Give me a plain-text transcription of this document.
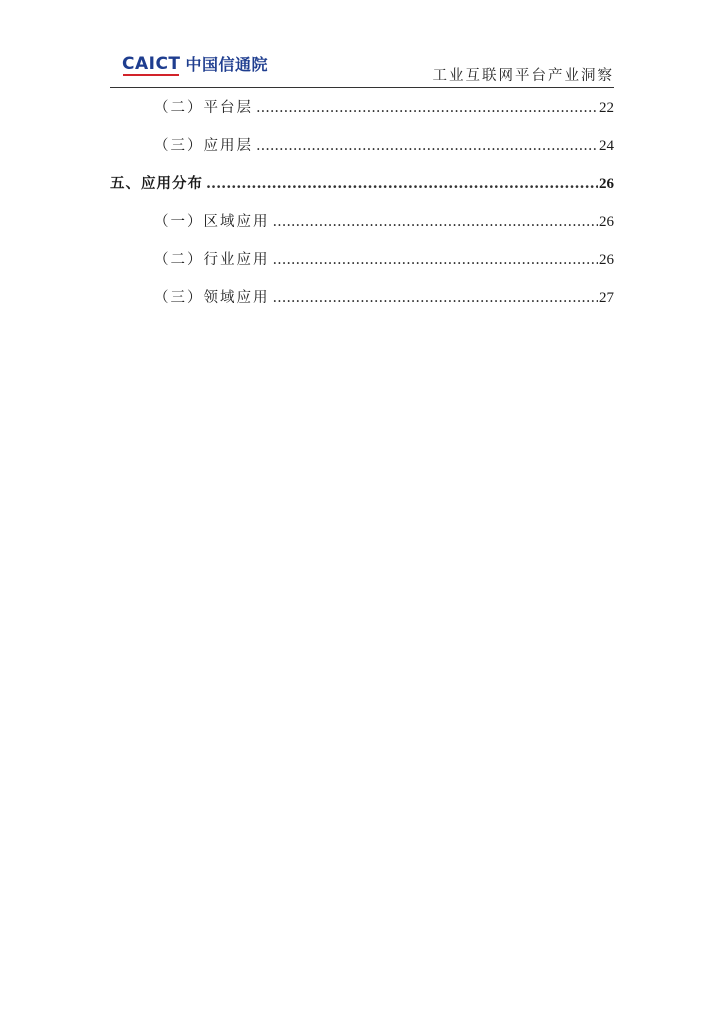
CAICT 中国信通院
工业互联网平台产业洞察
（二）平台层 .....	22
（三）应用层 .....	24
五、应用分布 .....	26
（一）区域应用 .....	26
（二）行业应用 .....	26
（三）领域应用 .....	27
